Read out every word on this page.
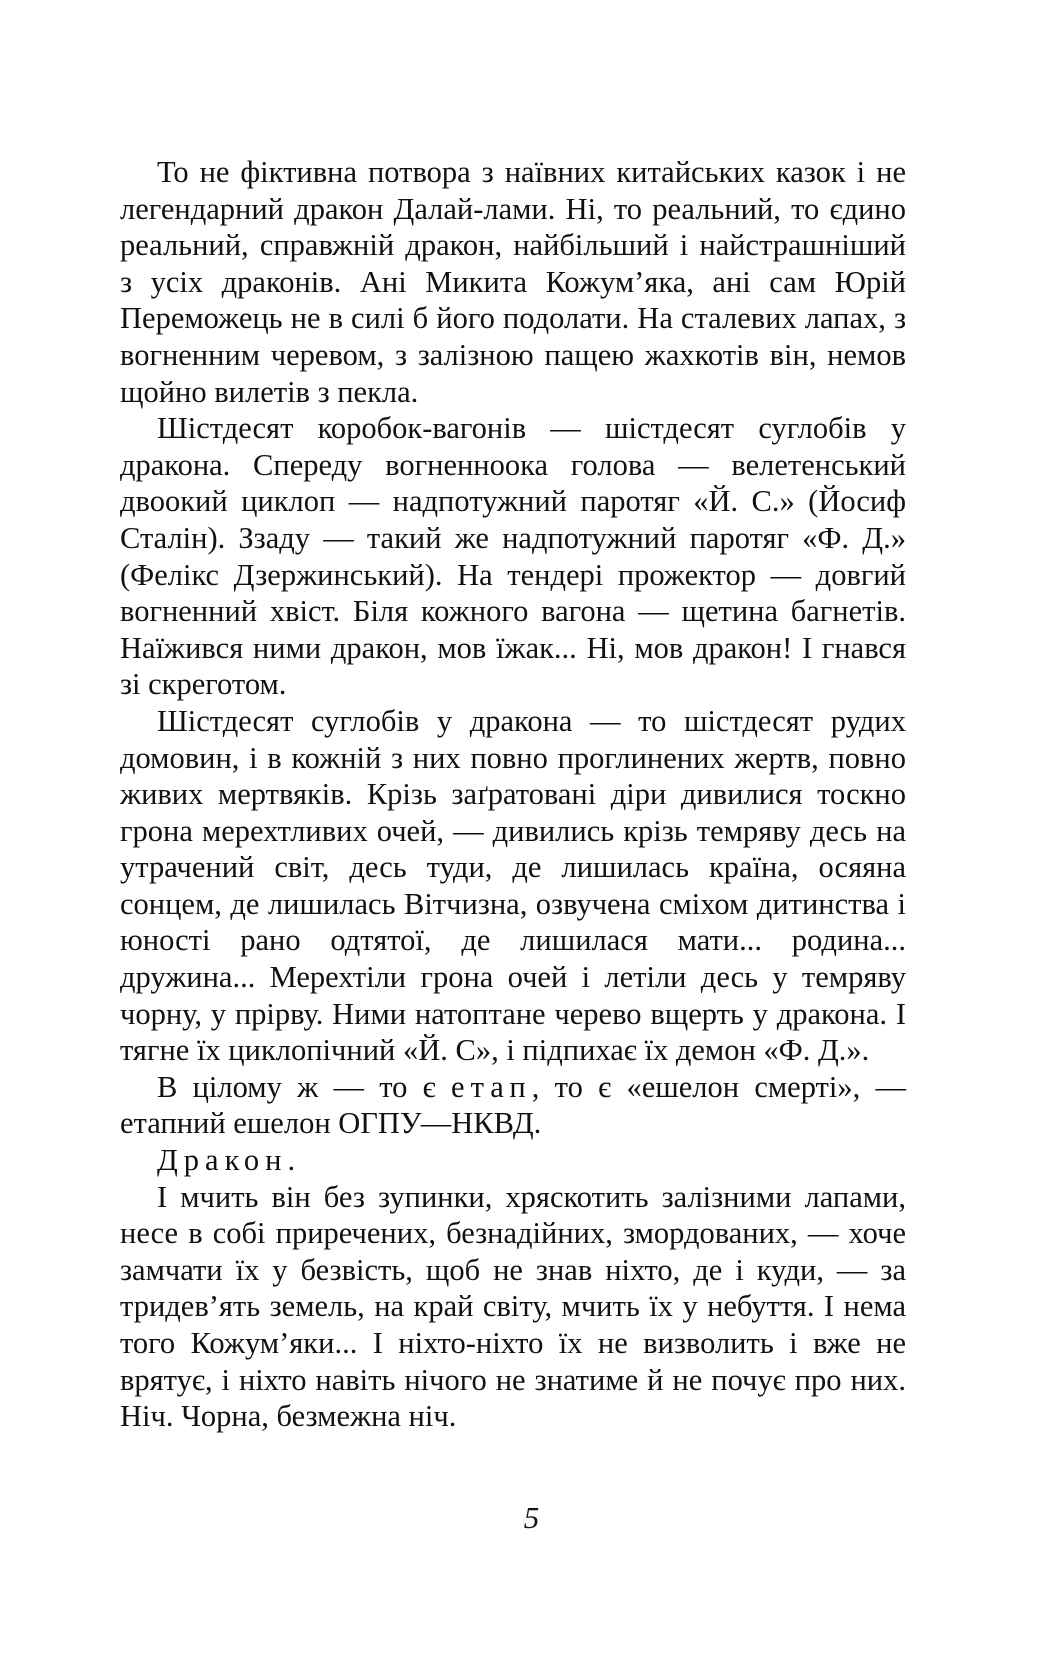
То не фіктивна потвора з наївних китайських казок і не легендарний дракон Далай-лами. Ні, то реальний, то єдино реальний, справжній дракон, найбільший і найстрашніший з усіх драконів. Ані Микита Кожум’яка, ані сам Юрій Переможець не в силі б його подолати. На сталевих лапах, з вогненним черевом, з залізною пащею жахкотів він, немов щойно вилетів з пекла.

Шістдесят коробок-вагонів — шістдесят суглобів у дракона. Спереду вогненноока голова — велетенський двоокий циклоп — надпотужний паротяг «Й. С.» (Йосиф Сталін). Ззаду — такий же надпотужний паротяг «Ф. Д.» (Фелікс Дзержинський). На тендері прожектор — довгий вогненний хвіст. Біля кожного вагона — щетина багнетів. Наїжився ними дракон, мов їжак... Ні, мов дракон! І гнався зі скреготом.

Шістдесят суглобів у дракона — то шістдесят рудих домовин, і в кожній з них повно проглинених жертв, повно живих мертвяків. Крізь заґратовані діри дивилися тоскно грона мерехтливих очей, — дивились крізь темряву десь на утрачений світ, десь туди, де лишилась країна, осяяна сонцем, де лишилась Вітчизна, озвучена сміхом дитинства і юності рано одтятої, де лишилася мати... родина... дружина... Мерехтіли грона очей і летіли десь у темряву чорну, у прірву. Ними натоптане черево вщерть у дракона. І тягне їх циклопічний «Й. С», і підпихає їх демон «Ф. Д.».

В цілому ж — то є етап, то є «ешелон смерті», — етапний ешелон ОГПУ—НКВД.

Дракон.

І мчить він без зупинки, хряскотить залізними лапами, несе в собі приречених, безнадійних, змордованих, — хоче замчати їх у безвість, щоб не знав ніхто, де і куди, — за тридев’ять земель, на край світу, мчить їх у небуття. І нема того Кожум’яки... І ніхто-ніхто їх не визволить і вже не врятує, і ніхто навіть нічого не знатиме й не почує про них. Ніч. Чорна, безмежна ніч.

5
